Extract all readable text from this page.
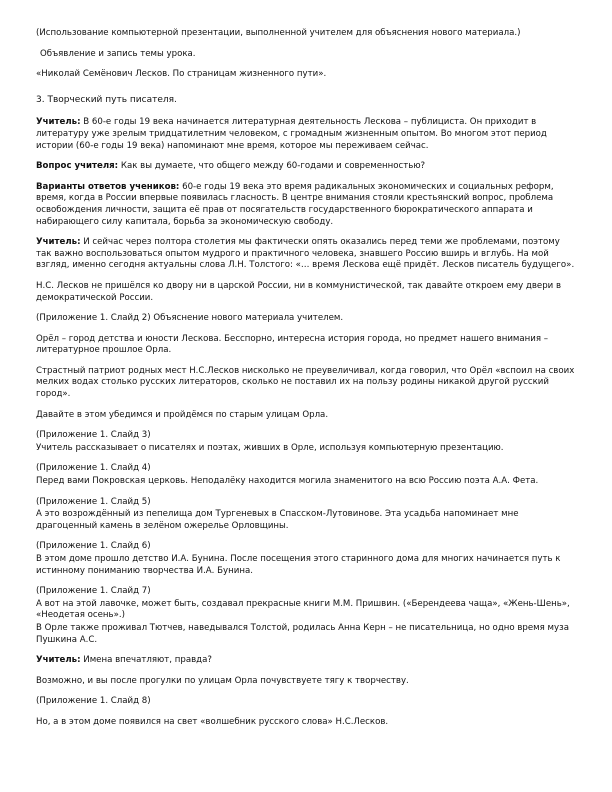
(Использование компьютерной презентации, выполненной учителем для объяснения нового материала.)

Объявление и запись темы урока.

«Николай Семёнович Лесков. По страницам жизненного пути».

3. Творческий путь писателя.

Учитель: В 60-е годы 19 века начинается литературная деятельность Лескова – публициста. Он приходит в литературу уже зрелым тридцатилетним человеком, с громадным жизненным опытом. Во многом этот период истории (60-е годы 19 века) напоминают мне время, которое мы переживаем сейчас.

Вопрос учителя: Как вы думаете, что общего между 60-годами и современностью?

Варианты ответов учеников: 60-е годы 19 века это время радикальных экономических и социальных реформ, время, когда в России впервые появилась гласность. В центре внимания стояли крестьянский вопрос, проблема освобождения личности, защита её прав от посягательств государственного бюрократического аппарата и набирающего силу капитала, борьба за экономическую свободу.

Учитель: И сейчас через полтора столетия мы фактически опять оказались перед теми же проблемами, поэтому так важно воспользоваться опытом мудрого и практичного человека, знавшего Россию вширь и вглубь. На мой взгляд, именно сегодня актуальны слова Л.Н. Толстого: «… время Лескова ещё придёт. Лесков писатель будущего».

Н.С. Лесков не пришёлся ко двору ни в царской России, ни в коммунистической, так давайте откроем ему двери в демократической России.

(Приложение 1. Слайд 2) Объяснение нового материала учителем.

Орёл – город детства и юности Лескова. Бесспорно, интересна история города, но предмет нашего внимания – литературное прошлое Орла.

Страстный патриот родных мест Н.С.Лесков нисколько не преувеличивал, когда говорил, что Орёл «вспоил на своих мелких водах столько русских литераторов, сколько не поставил их на пользу родины никакой другой русский город».

Давайте в этом убедимся и пройдёмся по старым улицам Орла.

(Приложение 1. Слайд 3)

Учитель рассказывает о писателях и поэтах, живших в Орле, используя компьютерную презентацию.

(Приложение 1. Слайд 4)

Перед вами Покровская церковь. Неподалёку находится могила знаменитого на всю Россию поэта А.А. Фета.

(Приложение 1. Слайд 5)

А это возрождённый из пепелища дом Тургеневых в Спасском-Лутовинове. Эта усадьба напоминает мне драгоценный камень в зелёном ожерелье Орловщины.

(Приложение 1. Слайд 6)

В этом доме прошло детство И.А. Бунина. После посещения этого старинного дома для многих начинается путь к истинному пониманию творчества И.А. Бунина.

(Приложение 1. Слайд 7)

А вот на этой лавочке, может быть, создавал прекрасные книги М.М. Пришвин. («Берендеева чаща», «Жень-Шень», «Неодетая осень».)

В Орле также проживал Тютчев, наведывался Толстой, родилась Анна Керн – не писательница, но одно время муза Пушкина А.С.

Учитель: Имена впечатляют, правда?

Возможно, и вы после прогулки по улицам Орла почувствуете тягу к творчеству.

(Приложение 1. Слайд 8)

Но, а в этом доме появился на свет «волшебник русского слова» Н.С.Лесков.
